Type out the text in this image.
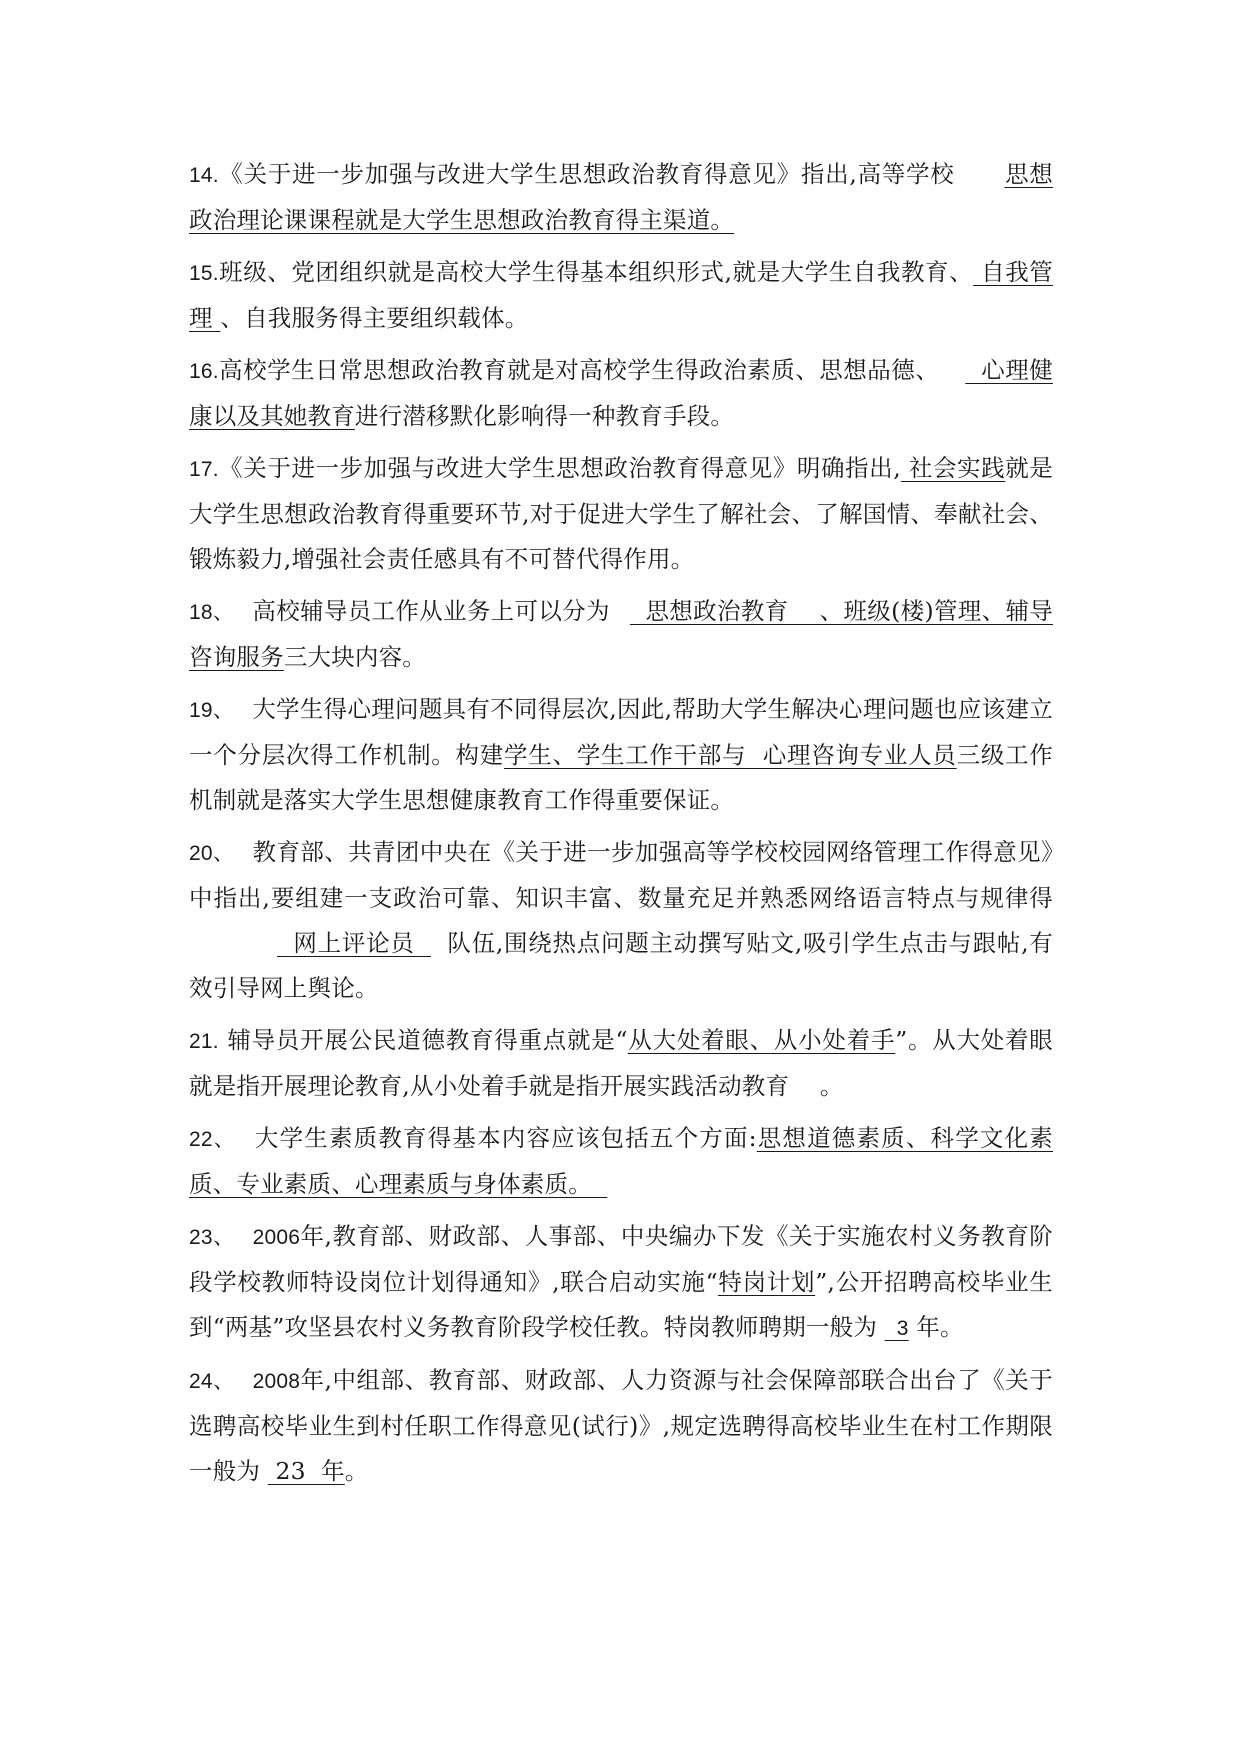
14.《关于进一步加强与改进大学生思想政治教育得意见》指出,高等学校 思想政治理论课课程就是大学生思想政治教育得主渠道。

15.班级、党团组织就是高校大学生得基本组织形式,就是大学生自我教育、 自我管理 、自我服务得主要组织载体。

16.高校学生日常思想政治教育就是对高校学生得政治素质、思想品德、  心理健康以及其她教育进行潜移默化影响得一种教育手段。

17.《关于进一步加强与改进大学生思想政治教育得意见》明确指出, 社会实践就是大学生思想政治教育得重要环节,对于促进大学生了解社会、了解国情、奉献社会、锻炼毅力,增强社会责任感具有不可替代得作用。

18、 高校辅导员工作从业务上可以分为  思想政治教育    、班级(楼)管理、辅导咨询服务三大块内容。

19、 大学生得心理问题具有不同得层次,因此,帮助大学生解决心理问题也应该建立一个分层次得工作机制。构建学生、学生工作干部与  心理咨询专业人员三级工作机制就是落实大学生思想健康教育工作得重要保证。

20、 教育部、共青团中央在《关于进一步加强高等学校校园网络管理工作得意见》中指出,要组建一支政治可靠、知识丰富、数量充足并熟悉网络语言特点与规律得  网上评论员    队伍,围绕热点问题主动撰写贴文,吸引学生点击与跟帖,有效引导网上舆论。

21. 辅导员开展公民道德教育得重点就是“从大处着眼、从小处着手”。从大处着眼就是指开展理论教育,从小处着手就是指开展实践活动教育    。

22、 大学生素质教育得基本内容应该包括五个方面:思想道德素质、科学文化素质、专业素质、心理素质与身体素质。

23、 2006年,教育部、财政部、人事部、中央编办下发《关于实施农村义务教育阶段学校教师特设岗位计划得通知》,联合启动实施“特岗计划”,公开招聘高校毕业生到“两基”攻坚县农村义务教育阶段学校任教。特岗教师聘期一般为   3 年。

24、 2008年,中组部、教育部、财政部、人力资源与社会保障部联合出台了《关于选聘高校毕业生到村任职工作得意见(试行)》,规定选聘得高校毕业生在村工作期限一般为  23  年。
